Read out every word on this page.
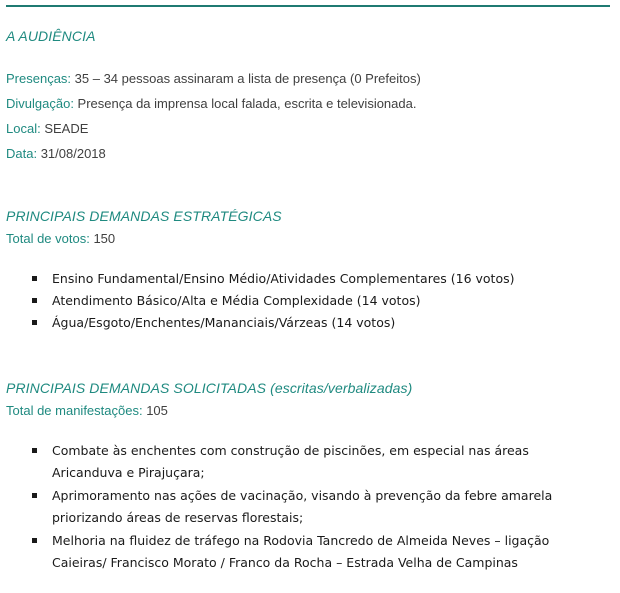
A AUDIÊNCIA
Presenças: 35 – 34 pessoas assinaram a lista de presença (0 Prefeitos)
Divulgação: Presença da imprensa local falada, escrita e televisionada.
Local: SEADE
Data: 31/08/2018
PRINCIPAIS DEMANDAS ESTRATÉGICAS
Total de votos: 150
Ensino Fundamental/Ensino Médio/Atividades Complementares (16 votos)
Atendimento Básico/Alta e Média Complexidade (14 votos)
Água/Esgoto/Enchentes/Mananciais/Várzeas (14 votos)
PRINCIPAIS DEMANDAS SOLICITADAS (escritas/verbalizadas)
Total de manifestações: 105
Combate às enchentes com construção de piscinões, em especial nas áreas Aricanduva e Pirajuçara;
Aprimoramento nas ações de vacinação, visando à prevenção da febre amarela priorizando áreas de reservas florestais;
Melhoria na fluidez de tráfego na Rodovia Tancredo de Almeida Neves – ligação Caieiras/ Francisco Morato / Franco da Rocha – Estrada Velha de Campinas
